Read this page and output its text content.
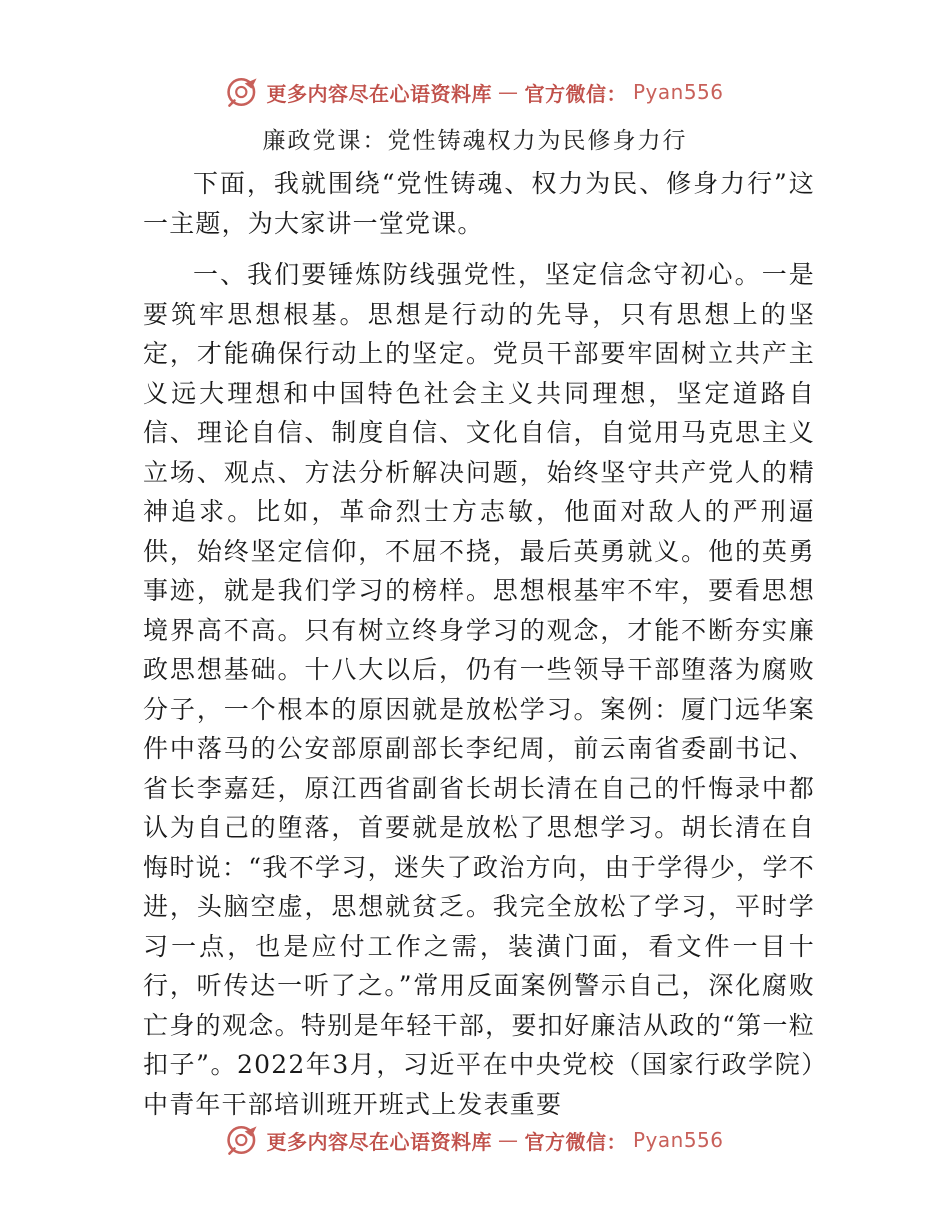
更多内容尽在心语资料库 — 官方微信： Pyan556
廉政党课：党性铸魂权力为民修身力行

下面，我就围绕“党性铸魂、权力为民、修身力行”这一主题，为大家讲一堂党课。

一、我们要锤炼防线强党性，坚定信念守初心。一是要筑牢思想根基。思想是行动的先导，只有思想上的坚定，才能确保行动上的坚定。党员干部要牢固树立共产主义远大理想和中国特色社会主义共同理想，坚定道路自信、理论自信、制度自信、文化自信，自觉用马克思主义立场、观点、方法分析解决问题，始终坚守共产党人的精神追求。比如，革命烈士方志敏，他面对敌人的严刑逼供，始终坚定信仰，不屈不挠，最后英勇就义。他的英勇事迹，就是我们学习的榜样。思想根基牢不牢，要看思想境界高不高。只有树立终身学习的观念，才能不断夯实廉政思想基础。十八大以后，仍有一些领导干部堕落为腐败分子，一个根本的原因就是放松学习。案例：厦门远华案件中落马的公安部原副部长李纪周，前云南省委副书记、省长李嘉廷，原江西省副省长胡长清在自己的忏悔录中都认为自己的堕落，首要就是放松了思想学习。胡长清在自悔时说：“我不学习，迷失了政治方向，由于学得少，学不进，头脑空虚，思想就贫乏。我完全放松了学习，平时学习一点，也是应付工作之需，装潢门面，看文件一目十行，听传达一听了之。”常用反面案例警示自己，深化腐败亡身的观念。特别是年轻干部，要扣好廉洁从政的“第一粒扣子”。2022年3月，习近平在中央党校（国家行政学院）中青年干部培训班开班式上发表重要

更多内容尽在心语资料库 — 官方微信： Pyan556
